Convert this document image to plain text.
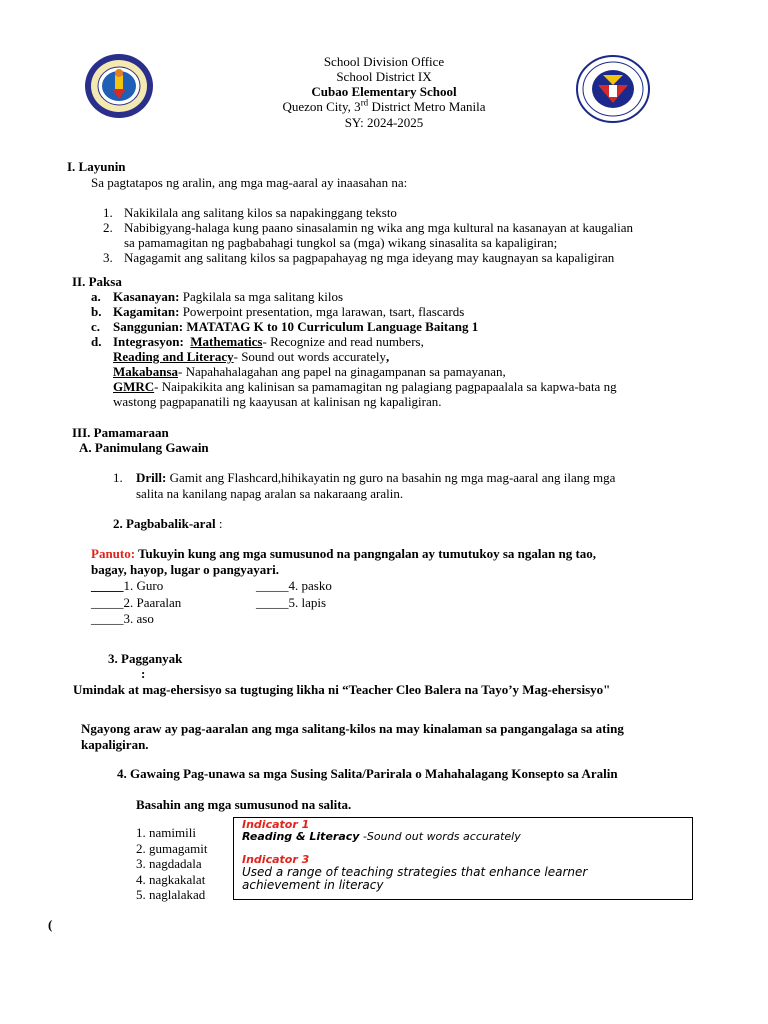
School Division Office
School District IX
Cubao Elementary School
Quezon City, 3rd District Metro Manila
SY: 2024-2025
I. Layunin
Sa pagtatapos ng aralin, ang mga mag-aaral ay inaasahan na:
1. Nakikilala ang salitang kilos sa napakinggang teksto
2. Nabibigyang-halaga kung paano sinasalamin ng wika ang mga kultural na kasanayan at kaugalian
sa pamamagitan ng pagbabahagi tungkol sa (mga) wikang sinasalita sa kapaligiran;
3. Nagagamit ang salitang kilos sa pagpapahayag ng mga ideyang may kaugnayan sa kapaligiran
II. Paksa
a. Kasanayan: Pagkilala sa mga salitang kilos
b. Kagamitan: Powerpoint presentation, mga larawan, tsart, flascards
c. Sanggunian: MATATAG K to 10 Curriculum Language Baitang 1
d. Integrasyon: Mathematics- Recognize and read numbers,
Reading and Literacy- Sound out words accurately,
Makabansa- Napahahalagahan ang papel na ginagampanan sa pamayanan,
GMRC- Naipakikita ang kalinisan sa pamamagitan ng palagiang pagpapaalala sa kapwa-bata ng
wastong pagpapanatili ng kaayusan at kalinisan ng kapaligiran.
III. Pamamaraan
A. Panimulang Gawain
1. Drill: Gamit ang Flashcard,hihikayatin ng guro na basahin ng mga mag-aaral ang ilang mga
salita na kanilang napag aralan sa nakaraang aralin.
2. Pagbabalik-aral :
Panuto: Tukuyin kung ang mga sumusunod na pangngalan ay tumutukoy sa ngalan ng tao,
bagay, hayop, lugar o pangyayari.
_____1. Guro	_____4. pasko
_____2. Paaralan	_____5. lapis
_____3. aso
3. Pagganyak
:
Umindak at mag-ehersisyo sa tugtuging likha ni “Teacher Cleo Balera na Tayo’y Mag-ehersisyo"
Ngayong araw ay pag-aaralan ang mga salitang-kilos na may kinalaman sa pangangalaga sa ating
kapaligiran.
4. Gawaing Pag-unawa sa mga Susing Salita/Parirala o Mahahalagang Konsepto sa Aralin
Basahin ang mga sumusunod na salita.
1. namimili
2. gumagamit
3. nagdadala
4. nagkakalat
5. naglalakad
Indicator 1
Reading & Literacy -Sound out words accurately
Indicator 3
Used a range of teaching strategies that enhance learner
achievement in literacy
(
